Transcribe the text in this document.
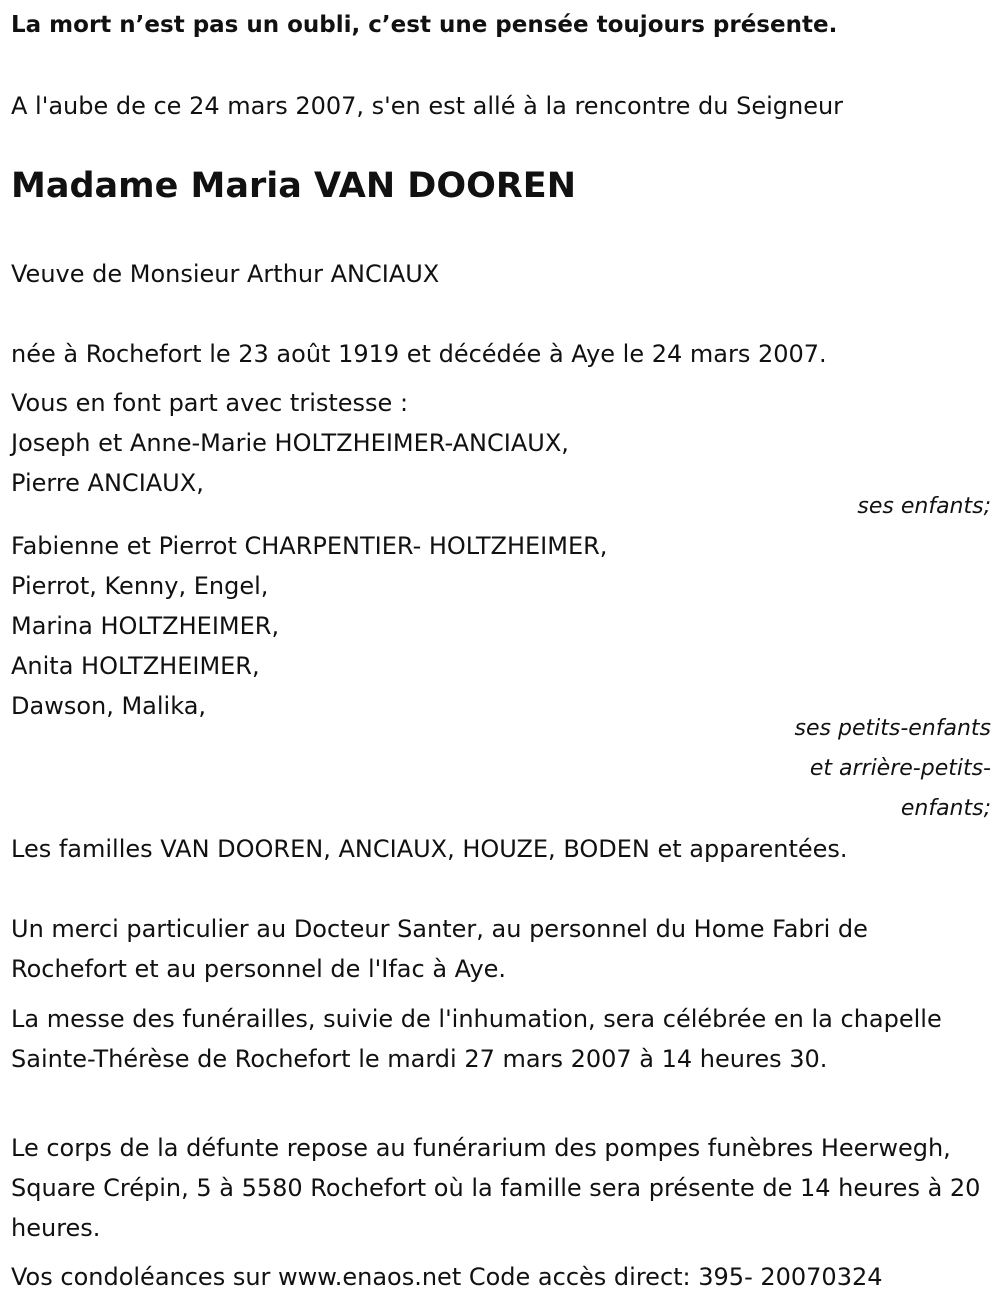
La mort n’est pas un oubli, c’est une pensée toujours présente.
A l'aube de ce 24 mars 2007, s'en est allé à la rencontre du Seigneur
Madame Maria VAN DOOREN
Veuve de Monsieur Arthur ANCIAUX
née à Rochefort le 23 août 1919 et décédée à Aye le 24 mars 2007.
Vous en font part avec tristesse :
Joseph et Anne-Marie HOLTZHEIMER-ANCIAUX,
Pierre ANCIAUX,
ses enfants;
Fabienne et Pierrot CHARPENTIER- HOLTZHEIMER,
Pierrot, Kenny, Engel,
Marina HOLTZHEIMER,
Anita HOLTZHEIMER,
Dawson, Malika,
ses petits-enfants
et arrière-petits-
enfants;
Les familles VAN DOOREN, ANCIAUX, HOUZE, BODEN et apparentées.
Un merci particulier au Docteur Santer, au personnel du Home Fabri de Rochefort et au personnel de l'Ifac à Aye.
La messe des funérailles, suivie de l'inhumation, sera célébrée en la chapelle Sainte-Thérèse de Rochefort le mardi 27 mars 2007 à 14 heures 30.
Le corps de la défunte repose au funérarium des pompes funèbres Heerwegh, Square Crépin, 5 à 5580 Rochefort où la famille sera présente de 14 heures à 20 heures.
Vos condoléances sur www.enaos.net Code accès direct: 395- 20070324
